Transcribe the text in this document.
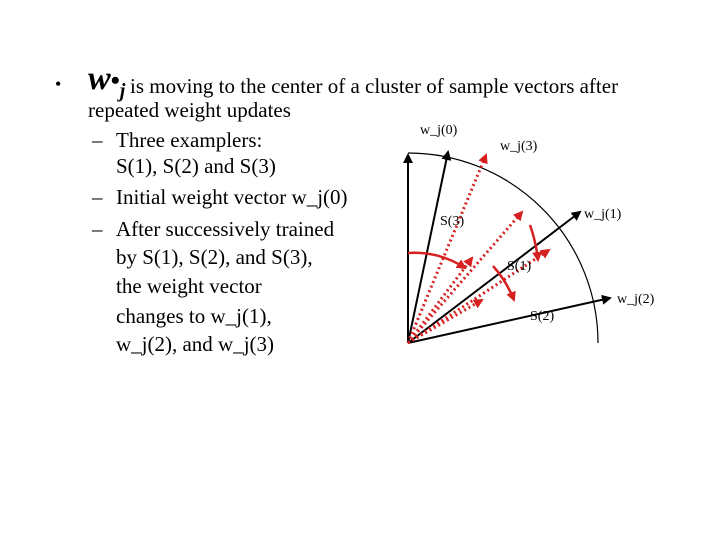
• $w•_j$ is moving to the center of a cluster of sample vectors after
repeated weight updates
– Three examplers:
S(1), S(2) and S(3)
– Initial weight vector w_j(0)
– After successively trained
by S(1), S(2), and S(3),
the weight vector
changes to w_j(1),
w_j(2), and w_j(3)
w_j(0)
w_j(3)
w_j(1)
w_j(2)
S(3)
S(1)
S(2)
